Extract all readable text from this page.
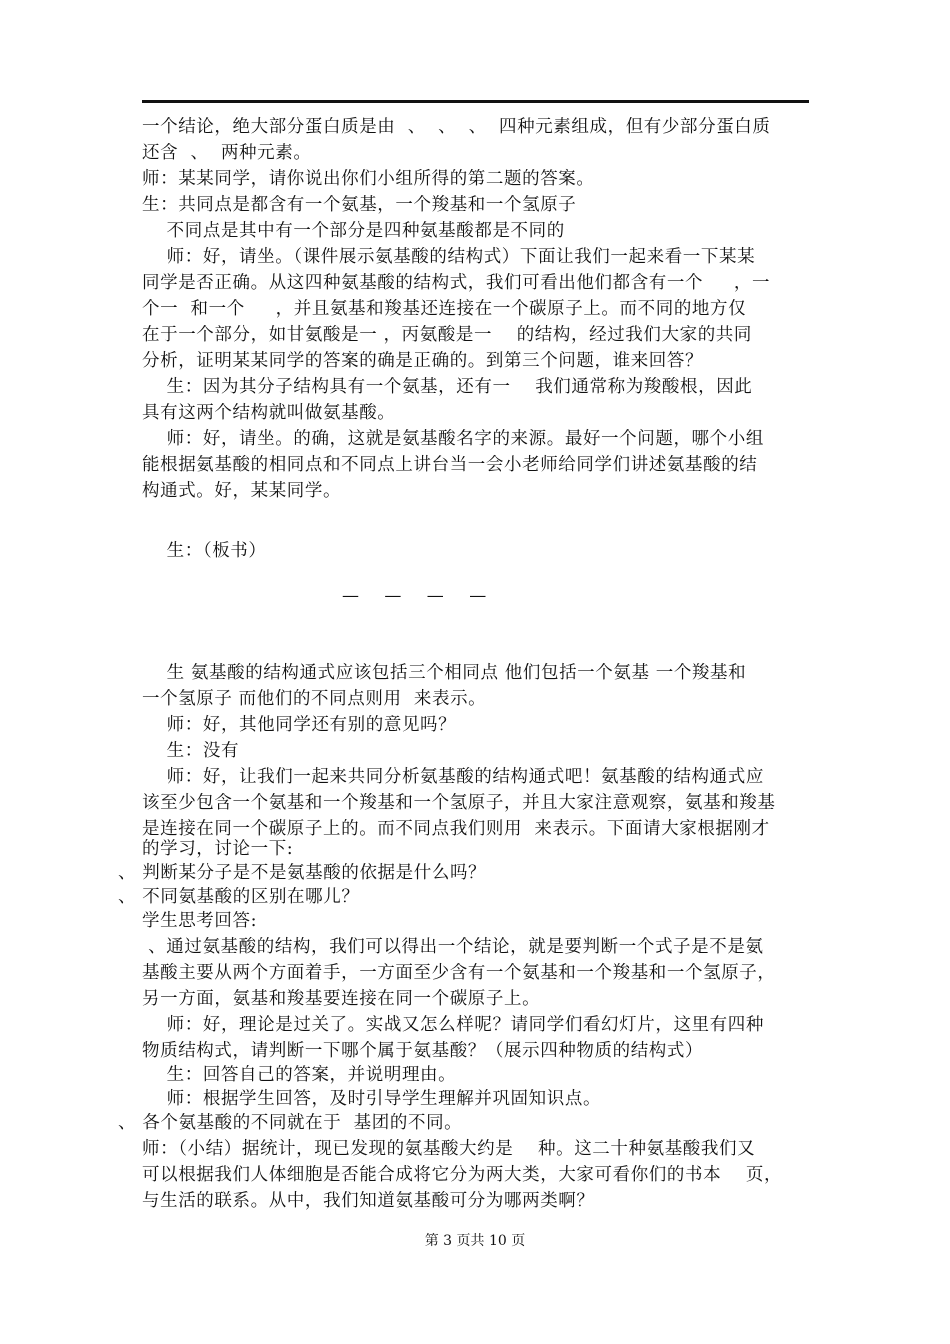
一个结论，绝大部分蛋白质是由  、  、  、  四种元素组成，但有少部分蛋白质
还含  、  两种元素。
师：某某同学，请你说出你们小组所得的第二题的答案。
生：共同点是都含有一个氨基，一个羧基和一个氢原子
不同点是其中有一个部分是四种氨基酸都是不同的
师：好，请坐。（课件展示氨基酸的结构式）下面让我们一起来看一下某某
同学是否正确。从这四种氨基酸的结构式，我们可看出他们都含有一个     ，一
个一  和一个     ，并且氨基和羧基还连接在一个碳原子上。而不同的地方仅
在于一个部分，如甘氨酸是一 ，丙氨酸是一    的结构，经过我们大家的共同
分析，证明某某同学的答案的确是正确的。到第三个问题，谁来回答？
生：因为其分子结构具有一个氨基，还有一    我们通常称为羧酸根，因此
具有这两个结构就叫做氨基酸。
师：好，请坐。的确，这就是氨基酸名字的来源。最好一个问题，哪个小组
能根据氨基酸的相同点和不同点上讲台当一会小老师给同学们讲述氨基酸的结
构通式。好，某某同学。
生：（板书）
— — — —
生 氨基酸的结构通式应该包括三个相同点 他们包括一个氨基 一个羧基和
一个氢原子 而他们的不同点则用  来表示。
师：好，其他同学还有别的意见吗？
生：没有
师：好，让我们一起来共同分析氨基酸的结构通式吧！氨基酸的结构通式应
该至少包含一个氨基和一个羧基和一个氢原子，并且大家注意观察，氨基和羧基
是连接在同一个碳原子上的。而不同点我们则用  来表示。下面请大家根据刚才
的学习，讨论一下:
、 判断某分子是不是氨基酸的依据是什么吗？
、 不同氨基酸的区别在哪儿？
学生思考回答:
、通过氨基酸的结构，我们可以得出一个结论，就是要判断一个式子是不是氨
基酸主要从两个方面着手，一方面至少含有一个氨基和一个羧基和一个氢原子，
另一方面，氨基和羧基要连接在同一个碳原子上。
师：好，理论是过关了。实战又怎么样呢？请同学们看幻灯片，这里有四种
物质结构式，请判断一下哪个属于氨基酸？（展示四种物质的结构式）
生：回答自己的答案，并说明理由。
师：根据学生回答，及时引导学生理解并巩固知识点。
、 各个氨基酸的不同就在于  基团的不同。
师：（小结）据统计，现已发现的氨基酸大约是    种。这二十种氨基酸我们又
可以根据我们人体细胞是否能合成将它分为两大类，大家可看你们的书本    页，
与生活的联系。从中，我们知道氨基酸可分为哪两类啊？
第 3 页共 10 页
